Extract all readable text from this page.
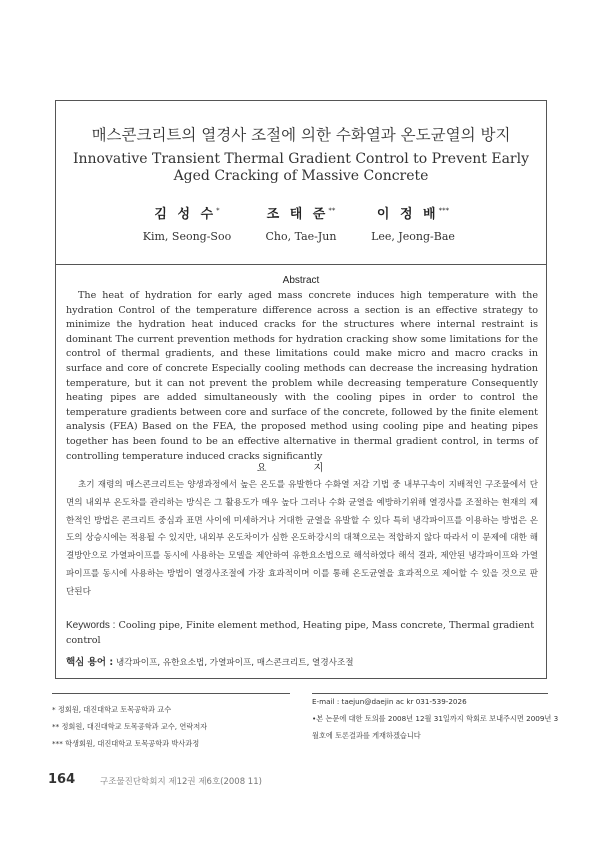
매스콘크리트의 열경사 조절에 의한 수화열과 온도균열의 방지
Innovative Transient Thermal Gradient Control to Prevent Early
Aged Cracking of Massive Concrete
김 성 수*
Kim, Seong-Soo
조 태 준**
Cho, Tae-Jun
이 정 배***
Lee, Jeong-Bae
Abstract
The heat of hydration for early aged mass concrete induces high temperature with the hydration Control of the temperature difference across a section is an effective strategy to minimize the hydration heat induced cracks for the structures where internal restraint is dominant The current prevention methods for hydration cracking show some limitations for the control of thermal gradients, and these limitations could make micro and macro cracks in surface and core of concrete Especially cooling methods can decrease the increasing hydration temperature, but it can not prevent the problem while decreasing temperature Consequently heating pipes are added simultaneously with the cooling pipes in order to control the temperature gradients between core and surface of the concrete, followed by the finite element analysis (FEA) Based on the FEA, the proposed method using cooling pipe and heating pipes together has been found to be an effective alternative in thermal gradient control, in terms of controlling temperature induced cracks significantly
요 지
초기 재령의 매스콘크리트는 양생과정에서 높은 온도를 유발한다 수화열 저감 기법 중 내부구속이 지배적인 구조물에서 단면의 내외부 온도차를 관리하는 방식은 그 활용도가 매우 높다 그러나 수화 균열을 예방하기위해 열경사를 조절하는 현재의 제한적인 방법은 콘크리트 중심과 표면 사이에 미세하거나 거대한 균열을 유발할 수 있다 특히 냉각파이프를 이용하는 방법은 온도의 상승시에는 적용될 수 있지만, 내외부 온도차이가 심한 온도하강시의 대책으로는 적합하지 않다 따라서 이 문제에 대한 해결방안으로 가열파이프를 동시에 사용하는 모델을 제안하여 유한요소법으로 해석하였다 해석 결과, 제안된 냉각파이프와 가열파이프를 동시에 사용하는 방법이 열경사조절에 가장 효과적이며 이를 통해 온도균열을 효과적으로 제어할 수 있을 것으로 판단된다
Keywords : Cooling pipe, Finite element method, Heating pipe, Mass concrete, Thermal gradient control
핵심 용어 : 냉각파이프, 유한요소법, 가열파이프, 매스콘크리트, 열경사조절
* 정회원, 대진대학교 토목공학과 교수
** 정회원, 대진대학교 토목공학과 교수, 연락저자
*** 학생회원, 대진대학교 토목공학과 박사과정
E-mail : taejun@daejin ac kr 031-539-2026
•본 논문에 대한 토의를 2008년 12월 31일까지 학회로 보내주시면 2009년 3월호에 토론결과를 게재하겠습니다
164	구조물진단학회지 제12권 제6호(2008 11)
